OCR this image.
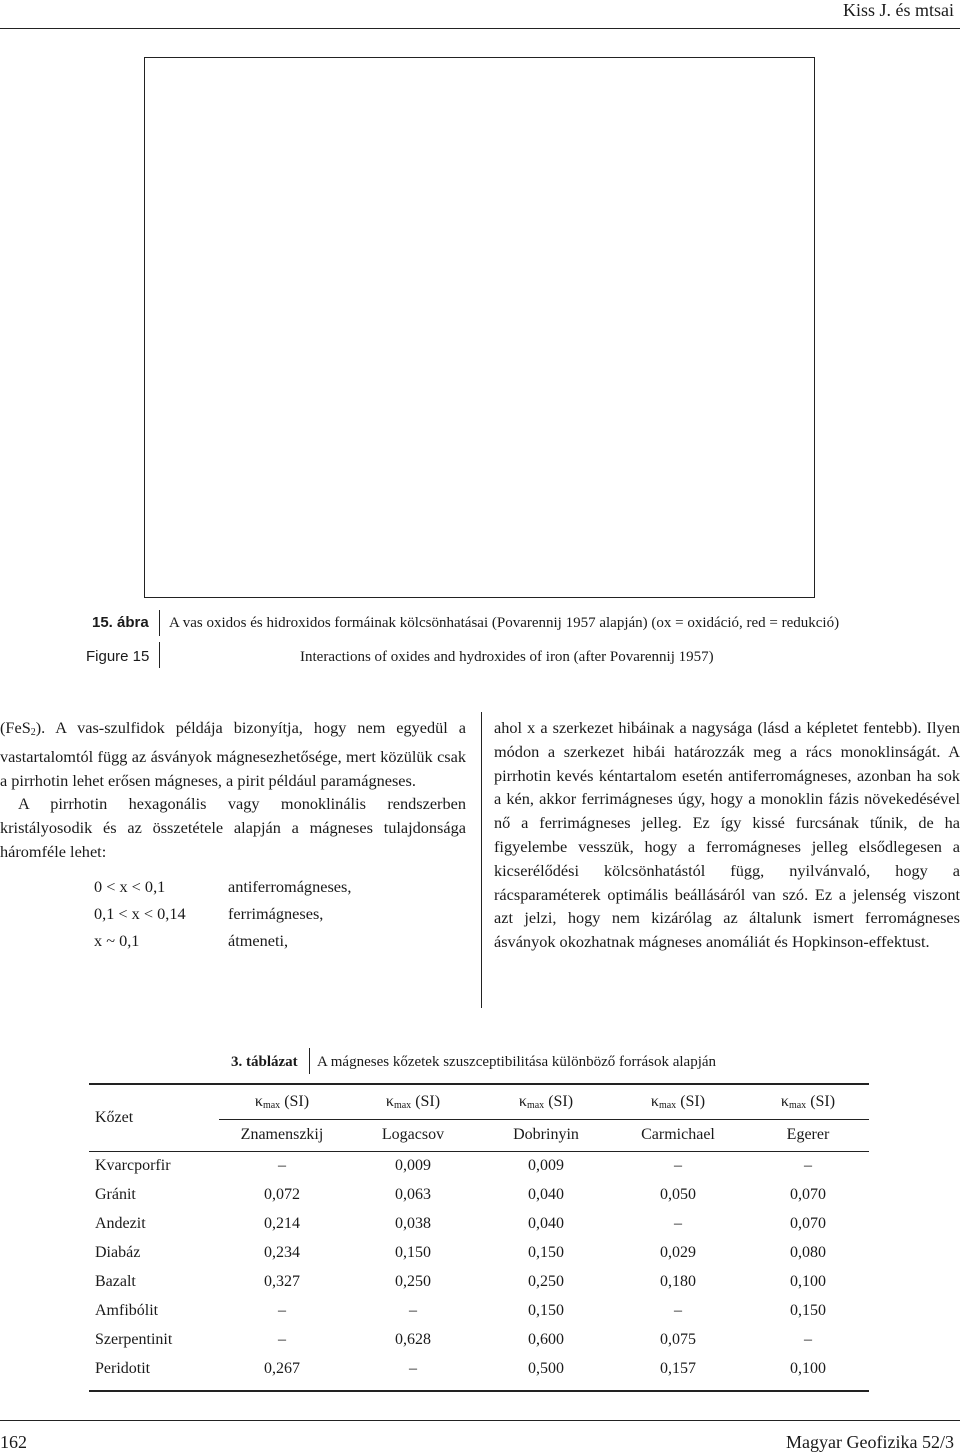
Kiss J. és mtsai
15. ábra A vas oxidos és hidroxidos formáinak kölcsönhatásai (Povarennij 1957 alapján) (ox = oxidáció, red = redukció)
Figure 15	Interactions of oxides and hydroxides of iron (after Povarennij 1957)

(FeS$_2$). A vas-szulfidok példája bizonyítja, hogy nem egyedül a vastartalomtól függ az ásványok mágnesezhetősége, mert közülük csak a pirrhotin lehet erősen mágneses, a pirit például paramágneses.

A pirrhotin hexagonális vagy monoklinális rendszerben kristályosodik és az összetétele alapján a mágneses tulajdonsága háromféle lehet:

0 < x < 0,1	antiferromágneses,
0,1 < x < 0,14	ferrimágneses,
x ~ 0,1	átmeneti,

ahol x a szerkezet hibáinak a nagysága (lásd a képletet fentebb). Ilyen módon a szerkezet hibái határozzák meg a rács monoklinságát. A pirrhotin kevés kéntartalom esetén antiferromágneses, azonban ha sok a kén, akkor ferrimágneses úgy, hogy a monoklin fázis növekedésével nő a ferrimágneses jelleg. Ez így kissé furcsának tűnik, de ha figyelembe vesszük, hogy a ferromágneses jelleg elsődlegesen a kicserélődési kölcsönhatástól függ, nyilvánvaló, hogy a rácsparaméterek optimális beállásáról van szó. Ez a jelenség viszont azt jelzi, hogy nem kizárólag az általunk ismert ferromágneses ásványok okozhatnak mágneses anomáliát és Hopkinson-effektust.

3. táblázat A mágneses kőzetek szuszceptibilitása különböző források alapján
Kőzet
$\kappa_{max}$ (SI)	$\kappa_{max}$ (SI)	$\kappa_{max}$ (SI)	$\kappa_{max}$ (SI)	$\kappa_{max}$ (SI)
Znamenszkij	Logacsov	Dobrinyin	Carmichael	Egerer
Kvarcporfir	–	0,009	0,009	–	–
Gránit	0,072	0,063	0,040	0,050	0,070
Andezit	0,214	0,038	0,040	–	0,070
Diabáz	0,234	0,150	0,150	0,029	0,080
Bazalt	0,327	0,250	0,250	0,180	0,100
Amfibólit	–	–	0,150	–	0,150
Szerpentinit	–	0,628	0,600	0,075	–
Peridotit	0,267	–	0,500	0,157	0,100
162	Magyar Geofizika 52/3
